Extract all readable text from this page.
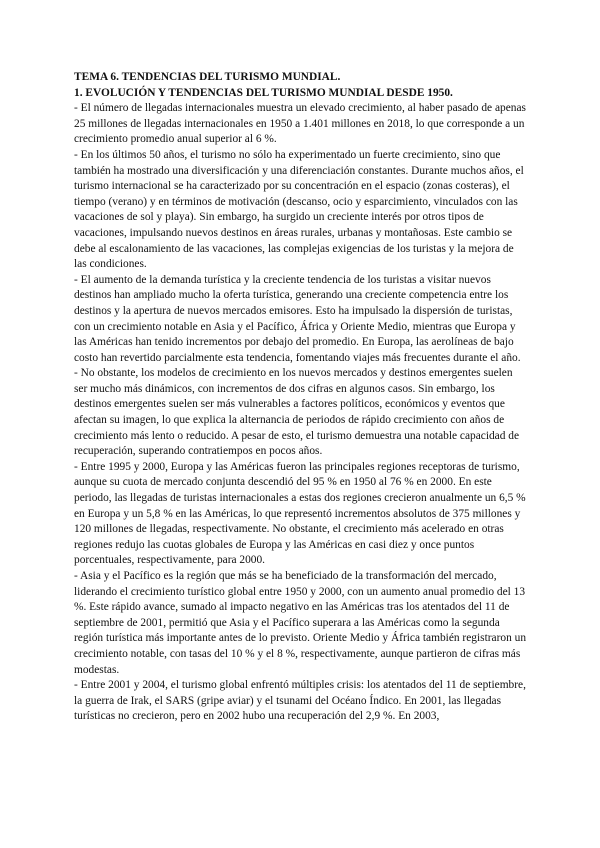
TEMA 6. TENDENCIAS DEL TURISMO MUNDIAL.
1. EVOLUCIÓN Y TENDENCIAS DEL TURISMO MUNDIAL DESDE 1950.

- El número de llegadas internacionales muestra un elevado crecimiento, al haber pasado de apenas 25 millones de llegadas internacionales en 1950 a 1.401 millones en 2018, lo que corresponde a un crecimiento promedio anual superior al 6 %.

- En los últimos 50 años, el turismo no sólo ha experimentado un fuerte crecimiento, sino que también ha mostrado una diversificación y una diferenciación constantes. Durante muchos años, el turismo internacional se ha caracterizado por su concentración en el espacio (zonas costeras), el tiempo (verano) y en términos de motivación (descanso, ocio y esparcimiento, vinculados con las vacaciones de sol y playa). Sin embargo, ha surgido un creciente interés por otros tipos de vacaciones, impulsando nuevos destinos en áreas rurales, urbanas y montañosas. Este cambio se debe al escalonamiento de las vacaciones, las complejas exigencias de los turistas y la mejora de las condiciones.

- El aumento de la demanda turística y la creciente tendencia de los turistas a visitar nuevos destinos han ampliado mucho la oferta turística, generando una creciente competencia entre los destinos y la apertura de nuevos mercados emisores. Esto ha impulsado la dispersión de turistas, con un crecimiento notable en Asia y el Pacífico, África y Oriente Medio, mientras que Europa y las Américas han tenido incrementos por debajo del promedio. En Europa, las aerolíneas de bajo costo han revertido parcialmente esta tendencia, fomentando viajes más frecuentes durante el año.

- No obstante, los modelos de crecimiento en los nuevos mercados y destinos emergentes suelen ser mucho más dinámicos, con incrementos de dos cifras en algunos casos. Sin embargo, los destinos emergentes suelen ser más vulnerables a factores políticos, económicos y eventos que afectan su imagen, lo que explica la alternancia de periodos de rápido crecimiento con años de crecimiento más lento o reducido. A pesar de esto, el turismo demuestra una notable capacidad de recuperación, superando contratiempos en pocos años.

- Entre 1995 y 2000, Europa y las Américas fueron las principales regiones receptoras de turismo, aunque su cuota de mercado conjunta descendió del 95 % en 1950 al 76 % en 2000. En este periodo, las llegadas de turistas internacionales a estas dos regiones crecieron anualmente un 6,5 % en Europa y un 5,8 % en las Américas, lo que representó incrementos absolutos de 375 millones y 120 millones de llegadas, respectivamente. No obstante, el crecimiento más acelerado en otras regiones redujo las cuotas globales de Europa y las Américas en casi diez y once puntos porcentuales, respectivamente, para 2000.

- Asia y el Pacífico es la región que más se ha beneficiado de la transformación del mercado, liderando el crecimiento turístico global entre 1950 y 2000, con un aumento anual promedio del 13 %. Este rápido avance, sumado al impacto negativo en las Américas tras los atentados del 11 de septiembre de 2001, permitió que Asia y el Pacífico superara a las Américas como la segunda región turística más importante antes de lo previsto. Oriente Medio y África también registraron un crecimiento notable, con tasas del 10 % y el 8 %, respectivamente, aunque partieron de cifras más modestas.

- Entre 2001 y 2004, el turismo global enfrentó múltiples crisis: los atentados del 11 de septiembre, la guerra de Irak, el SARS (gripe aviar) y el tsunami del Océano Índico. En 2001, las llegadas turísticas no crecieron, pero en 2002 hubo una recuperación del 2,9 %. En 2003,
